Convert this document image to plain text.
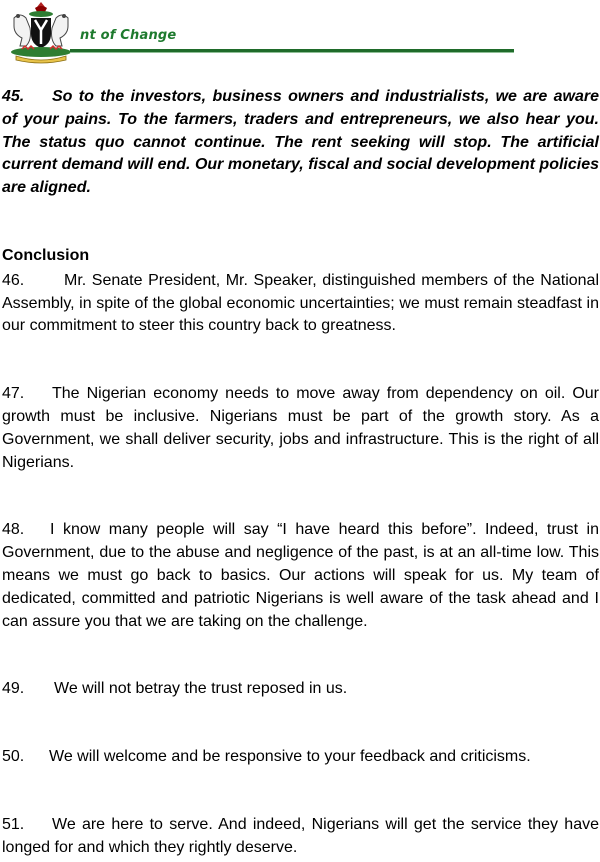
nt of Change

45. So to the investors, business owners and industrialists, we are aware of your pains. To the farmers, traders and entrepreneurs, we also hear you. The status quo cannot continue. The rent seeking will stop. The artificial current demand will end. Our monetary, fiscal and social development policies are aligned.

Conclusion

46. Mr. Senate President, Mr. Speaker, distinguished members of the National Assembly, in spite of the global economic uncertainties; we must remain steadfast in our commitment to steer this country back to greatness.

47. The Nigerian economy needs to move away from dependency on oil. Our growth must be inclusive. Nigerians must be part of the growth story. As a Government, we shall deliver security, jobs and infrastructure. This is the right of all Nigerians.

48. I know many people will say “I have heard this before”. Indeed, trust in Government, due to the abuse and negligence of the past, is at an all-time low. This means we must go back to basics. Our actions will speak for us. My team of dedicated, committed and patriotic Nigerians is well aware of the task ahead and I can assure you that we are taking on the challenge.

49. We will not betray the trust reposed in us.

50. We will welcome and be responsive to your feedback and criticisms.

51. We are here to serve. And indeed, Nigerians will get the service they have longed for and which they rightly deserve.
